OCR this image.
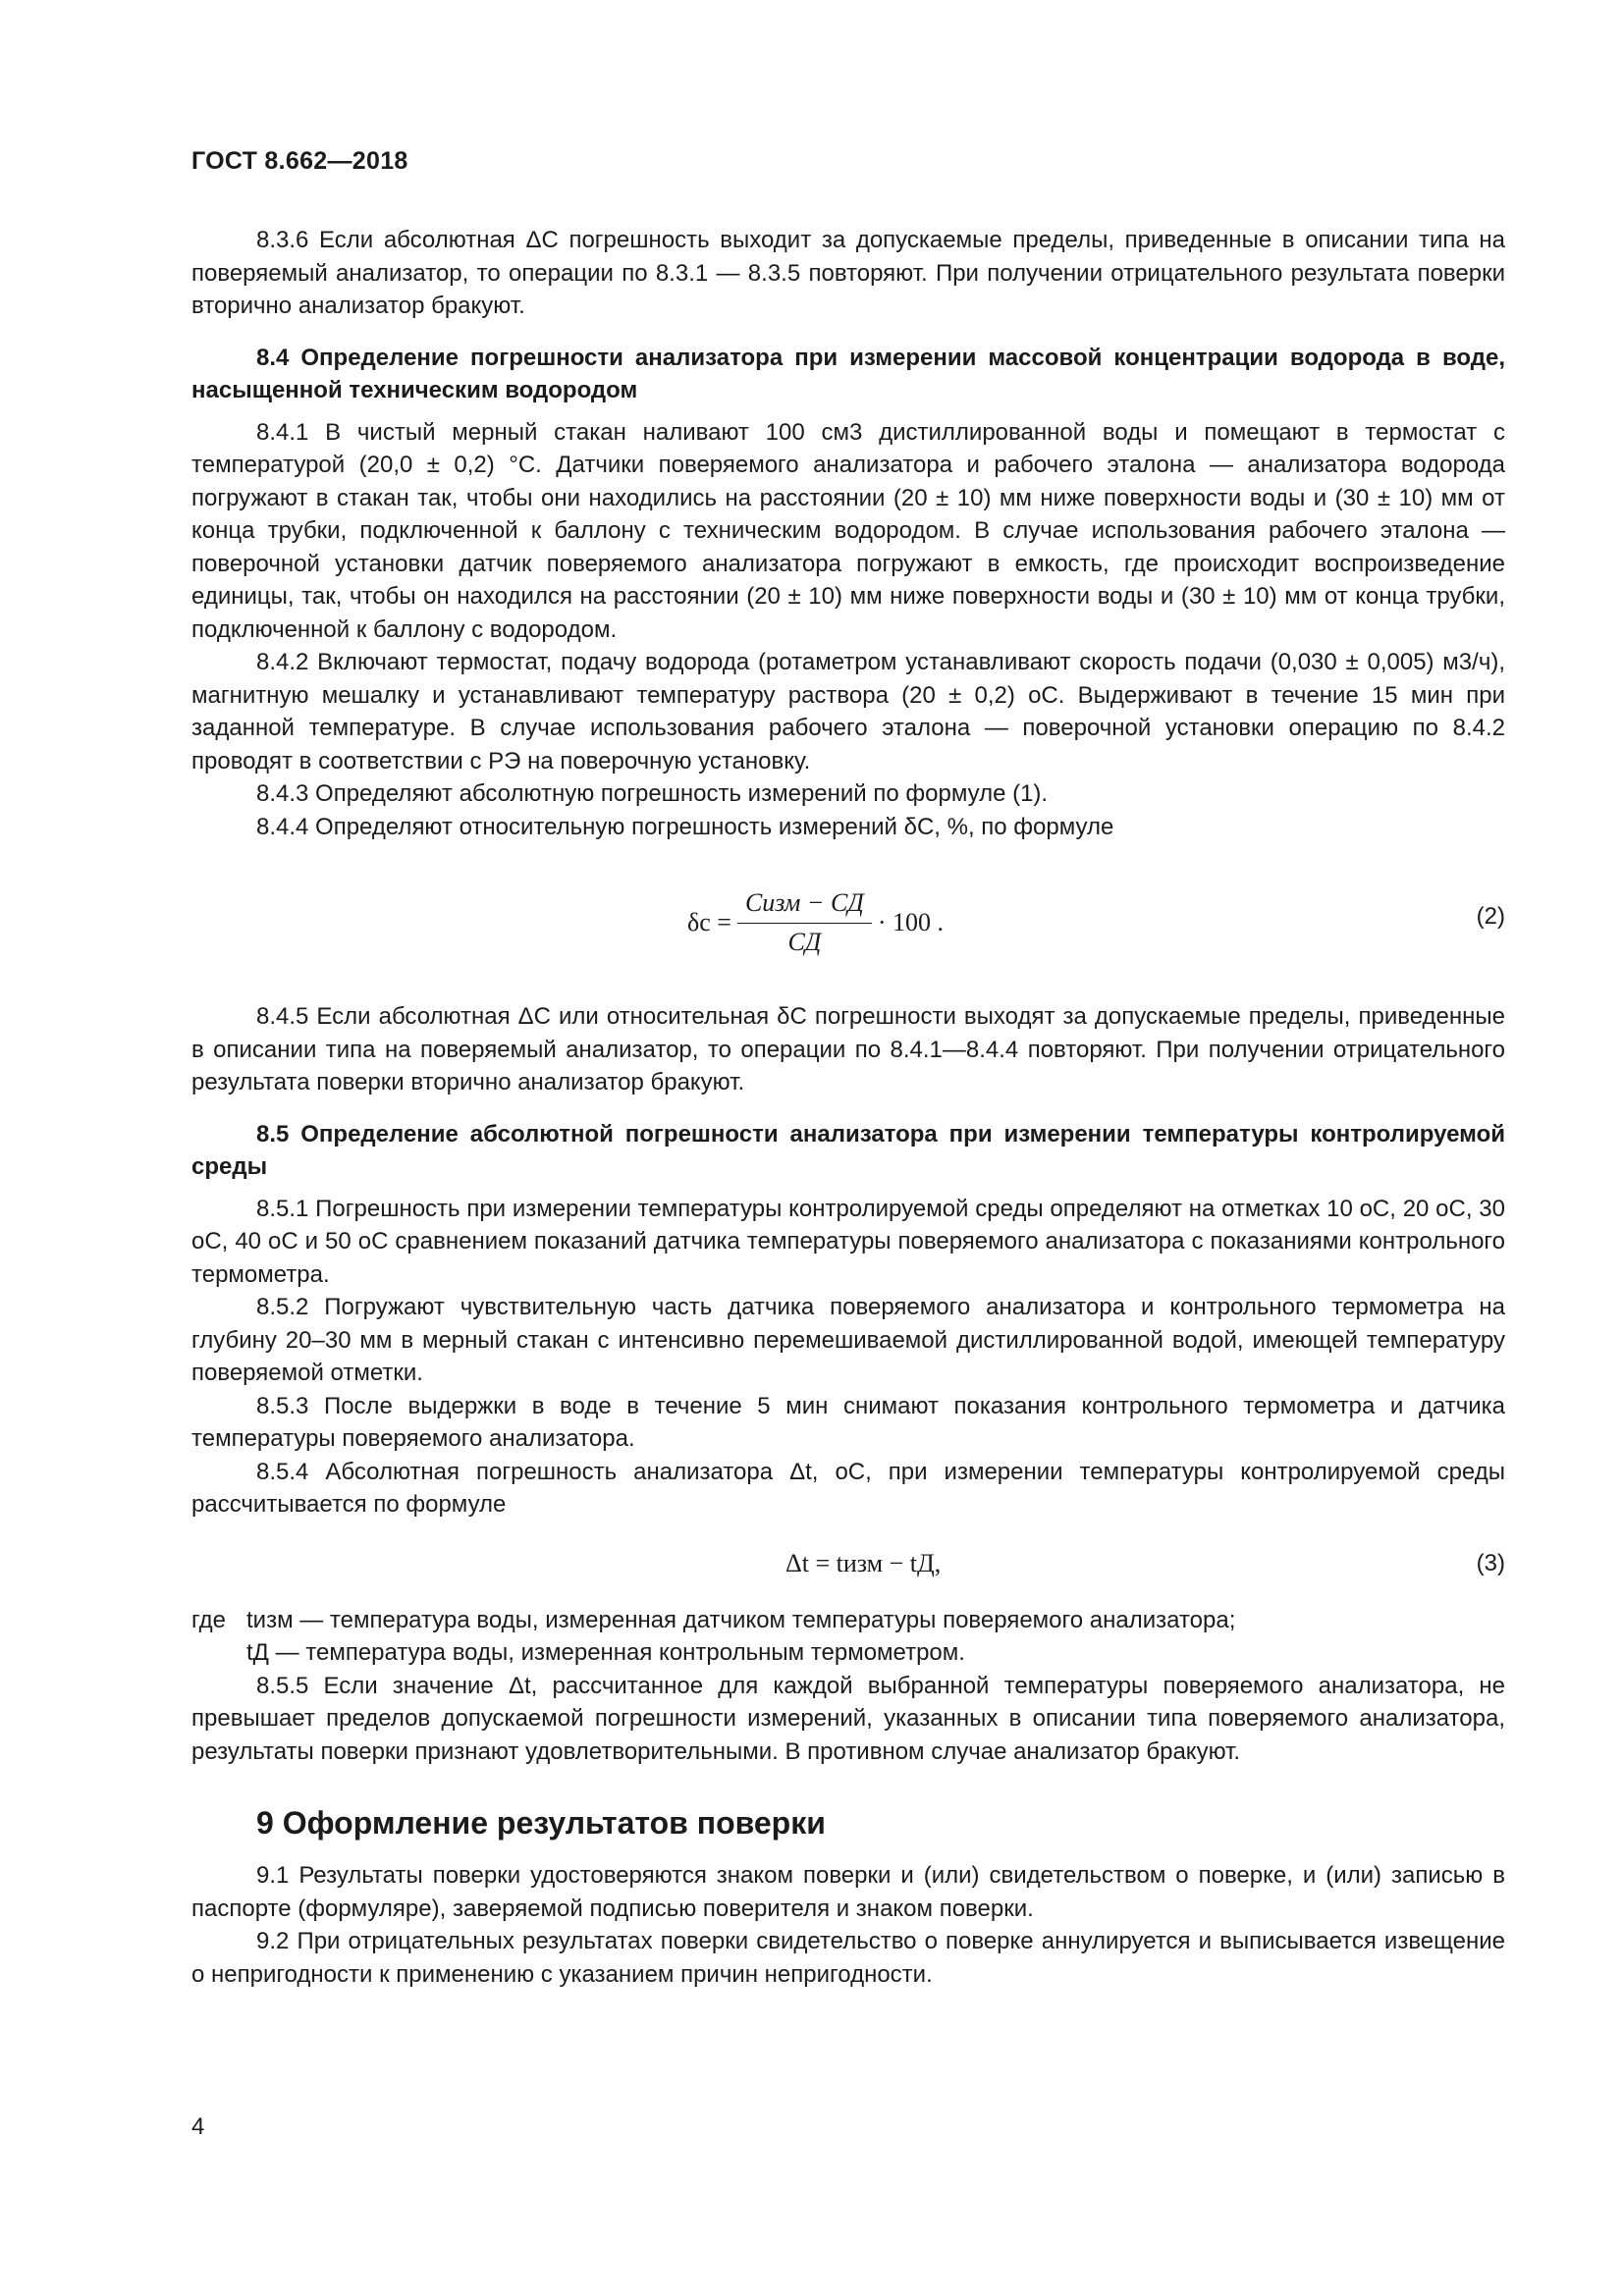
ГОСТ 8.662—2018

8.3.6 Если абсолютная ΔC погрешность выходит за допускаемые пределы, приведенные в описании типа на поверяемый анализатор, то операции по 8.3.1 — 8.3.5 повторяют. При получении отрицательного результата поверки вторично анализатор бракуют.

8.4 Определение погрешности анализатора при измерении массовой концентрации водорода в воде, насыщенной техническим водородом

8.4.1 В чистый мерный стакан наливают 100 см3 дистиллированной воды и помещают в термостат с температурой (20,0 ± 0,2) °С. Датчики поверяемого анализатора и рабочего эталона — анализатора водорода погружают в стакан так, чтобы они находились на расстоянии (20 ± 10) мм ниже поверхности воды и (30 ± 10) мм от конца трубки, подключенной к баллону с техническим водородом. В случае использования рабочего эталона — поверочной установки датчик поверяемого анализатора погружают в емкость, где происходит воспроизведение единицы, так, чтобы он находился на расстоянии (20 ± 10) мм ниже поверхности воды и (30 ± 10) мм от конца трубки, подключенной к баллону с водородом.

8.4.2 Включают термостат, подачу водорода (ротаметром устанавливают скорость подачи (0,030 ± 0,005) м3/ч), магнитную мешалку и устанавливают температуру раствора (20 ± 0,2) оС. Выдерживают в течение 15 мин при заданной температуре. В случае использования рабочего эталона — поверочной установки операцию по 8.4.2 проводят в соответствии с РЭ на поверочную установку.

8.4.3 Определяют абсолютную погрешность измерений по формуле (1).

8.4.4 Определяют относительную погрешность измерений δC, %, по формуле

$\delta c = \frac{\text{Cизм − CД}}{CД} \cdot 100$ .	(2)

8.4.5 Если абсолютная ΔC или относительная δC погрешности выходят за допускаемые пределы, приведенные в описании типа на поверяемый анализатор, то операции по 8.4.1—8.4.4 повторяют. При получении отрицательного результата поверки вторично анализатор бракуют.

8.5 Определение абсолютной погрешности анализатора при измерении температуры контролируемой среды

8.5.1 Погрешность при измерении температуры контролируемой среды определяют на отметках 10 оС, 20 оС, 30 оС, 40 оС и 50 оС сравнением показаний датчика температуры поверяемого анализатора с показаниями контрольного термометра.

8.5.2 Погружают чувствительную часть датчика поверяемого анализатора и контрольного термометра на глубину 20–30 мм в мерный стакан с интенсивно перемешиваемой дистиллированной водой, имеющей температуру поверяемой отметки.

8.5.3 После выдержки в воде в течение 5 мин снимают показания контрольного термометра и датчика температуры поверяемого анализатора.

8.5.4 Абсолютная погрешность анализатора Δt, оС, при измерении температуры контролируемой среды рассчитывается по формуле

Δt = tизм − tД,	(3)
где tизм — температура воды, измеренная датчиком температуры поверяемого анализатора;
tД — температура воды, измеренная контрольным термометром.

8.5.5 Если значение Δt, рассчитанное для каждой выбранной температуры поверяемого анализатора, не превышает пределов допускаемой погрешности измерений, указанных в описании типа поверяемого анализатора, результаты поверки признают удовлетворительными. В противном случае анализатор бракуют.

9 Оформление результатов поверки

9.1 Результаты поверки удостоверяются знаком поверки и (или) свидетельством о поверке, и (или) записью в паспорте (формуляре), заверяемой подписью поверителя и знаком поверки.

9.2 При отрицательных результатах поверки свидетельство о поверке аннулируется и выписывается извещение о непригодности к применению с указанием причин непригодности.

4
